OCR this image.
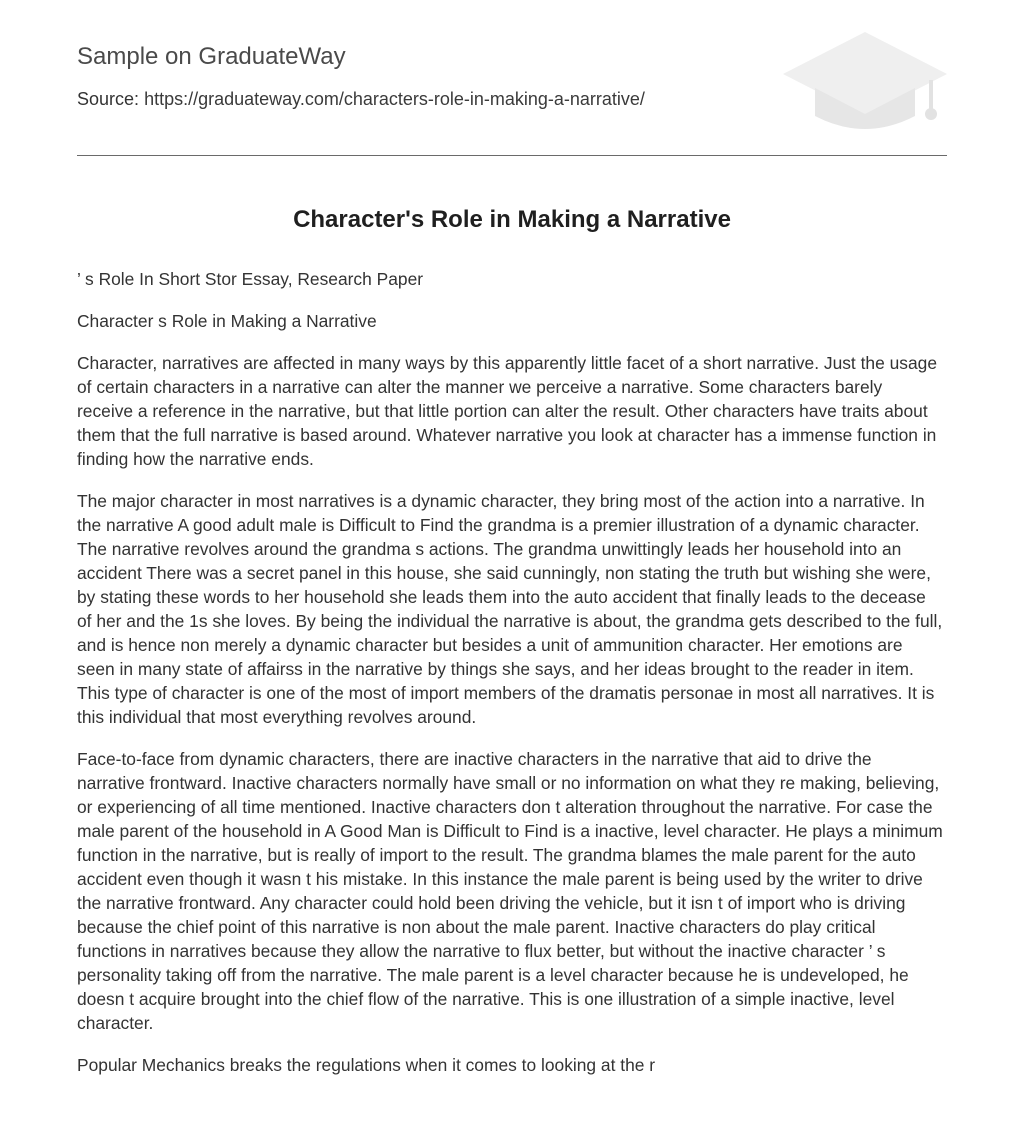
Sample on GraduateWay
Source: https://graduateway.com/characters-role-in-making-a-narrative/
Character's Role in Making a Narrative

’ s Role In Short Stor Essay, Research Paper

Character s Role in Making a Narrative

Character, narratives are affected in many ways by this apparently little facet of a short narrative. Just the usage of certain characters in a narrative can alter the manner we perceive a narrative. Some characters barely receive a reference in the narrative, but that little portion can alter the result. Other characters have traits about them that the full narrative is based around. Whatever narrative you look at character has a immense function in finding how the narrative ends.

The major character in most narratives is a dynamic character, they bring most of the action into a narrative. In the narrative A good adult male is Difficult to Find the grandma is a premier illustration of a dynamic character. The narrative revolves around the grandma s actions. The grandma unwittingly leads her household into an accident There was a secret panel in this house, she said cunningly, non stating the truth but wishing she were, by stating these words to her household she leads them into the auto accident that finally leads to the decease of her and the 1s she loves. By being the individual the narrative is about, the grandma gets described to the full, and is hence non merely a dynamic character but besides a unit of ammunition character. Her emotions are seen in many state of affairss in the narrative by things she says, and her ideas brought to the reader in item. This type of character is one of the most of import members of the dramatis personae in most all narratives. It is this individual that most everything revolves around.

Face-to-face from dynamic characters, there are inactive characters in the narrative that aid to drive the narrative frontward. Inactive characters normally have small or no information on what they re making, believing, or experiencing of all time mentioned. Inactive characters don t alteration throughout the narrative. For case the male parent of the household in A Good Man is Difficult to Find is a inactive, level character. He plays a minimum function in the narrative, but is really of import to the result. The grandma blames the male parent for the auto accident even though it wasn t his mistake. In this instance the male parent is being used by the writer to drive the narrative frontward. Any character could hold been driving the vehicle, but it isn t of import who is driving because the chief point of this narrative is non about the male parent. Inactive characters do play critical functions in narratives because they allow the narrative to flux better, but without the inactive character ’ s personality taking off from the narrative. The male parent is a level character because he is undeveloped, he doesn t acquire brought into the chief flow of the narrative. This is one illustration of a simple inactive, level character.

Popular Mechanics breaks the regulations when it comes to looking at the r
